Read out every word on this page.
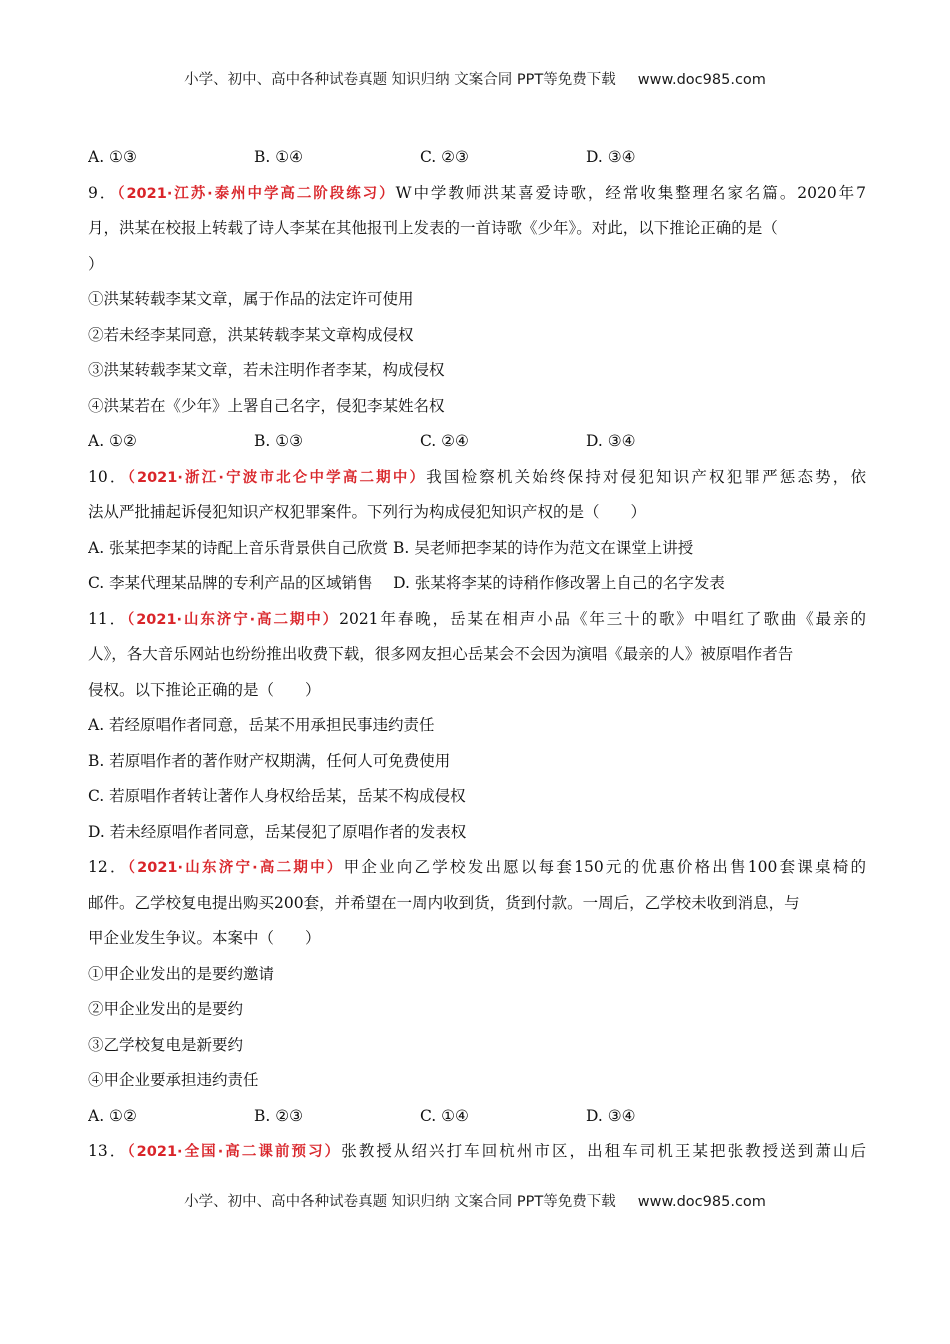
小学、初中、高中各种试卷真题 知识归纳 文案合同 PPT等免费下载 www.doc985.com
A. ①③	B. ①④	C. ②③	D. ③④
9．（2021·江苏·泰州中学高二阶段练习）W中学教师洪某喜爱诗歌，经常收集整理名家名篇。2020年7
月，洪某在校报上转载了诗人李某在其他报刊上发表的一首诗歌《少年》。对此，以下推论正确的是（
）
①洪某转载李某文章，属于作品的法定许可使用
②若未经李某同意，洪某转载李某文章构成侵权
③洪某转载李某文章，若未注明作者李某，构成侵权
④洪某若在《少年》上署自己名字，侵犯李某姓名权
A. ①②	B. ①③	C. ②④	D. ③④
10．（2021·浙江·宁波市北仑中学高二期中）我国检察机关始终保持对侵犯知识产权犯罪严惩态势，依
法从严批捕起诉侵犯知识产权犯罪案件。下列行为构成侵犯知识产权的是（　　）
A. 张某把李某的诗配上音乐背景供自己欣赏 B. 吴老师把李某的诗作为范文在课堂上讲授
C. 李某代理某品牌的专利产品的区域销售　 D. 张某将李某的诗稍作修改署上自己的名字发表
11．（2021·山东济宁·高二期中）2021年春晚，岳某在相声小品《年三十的歌》中唱红了歌曲《最亲的
人》，各大音乐网站也纷纷推出收费下载，很多网友担心岳某会不会因为演唱《最亲的人》被原唱作者告
侵权。以下推论正确的是（　　）
A. 若经原唱作者同意，岳某不用承担民事违约责任
B. 若原唱作者的著作财产权期满，任何人可免费使用
C. 若原唱作者转让著作人身权给岳某，岳某不构成侵权
D. 若未经原唱作者同意，岳某侵犯了原唱作者的发表权
12．（2021·山东济宁·高二期中）甲企业向乙学校发出愿以每套150元的优惠价格出售100套课桌椅的
邮件。乙学校复电提出购买200套，并希望在一周内收到货，货到付款。一周后，乙学校未收到消息，与
甲企业发生争议。本案中（　　）
①甲企业发出的是要约邀请
②甲企业发出的是要约
③乙学校复电是新要约
④甲企业要承担违约责任
A. ①②	B. ②③	C. ①④	D. ③④
13．（2021·全国·高二课前预习）张教授从绍兴打车回杭州市区，出租车司机王某把张教授送到萧山后
小学、初中、高中各种试卷真题 知识归纳 文案合同 PPT等免费下载 www.doc985.com
